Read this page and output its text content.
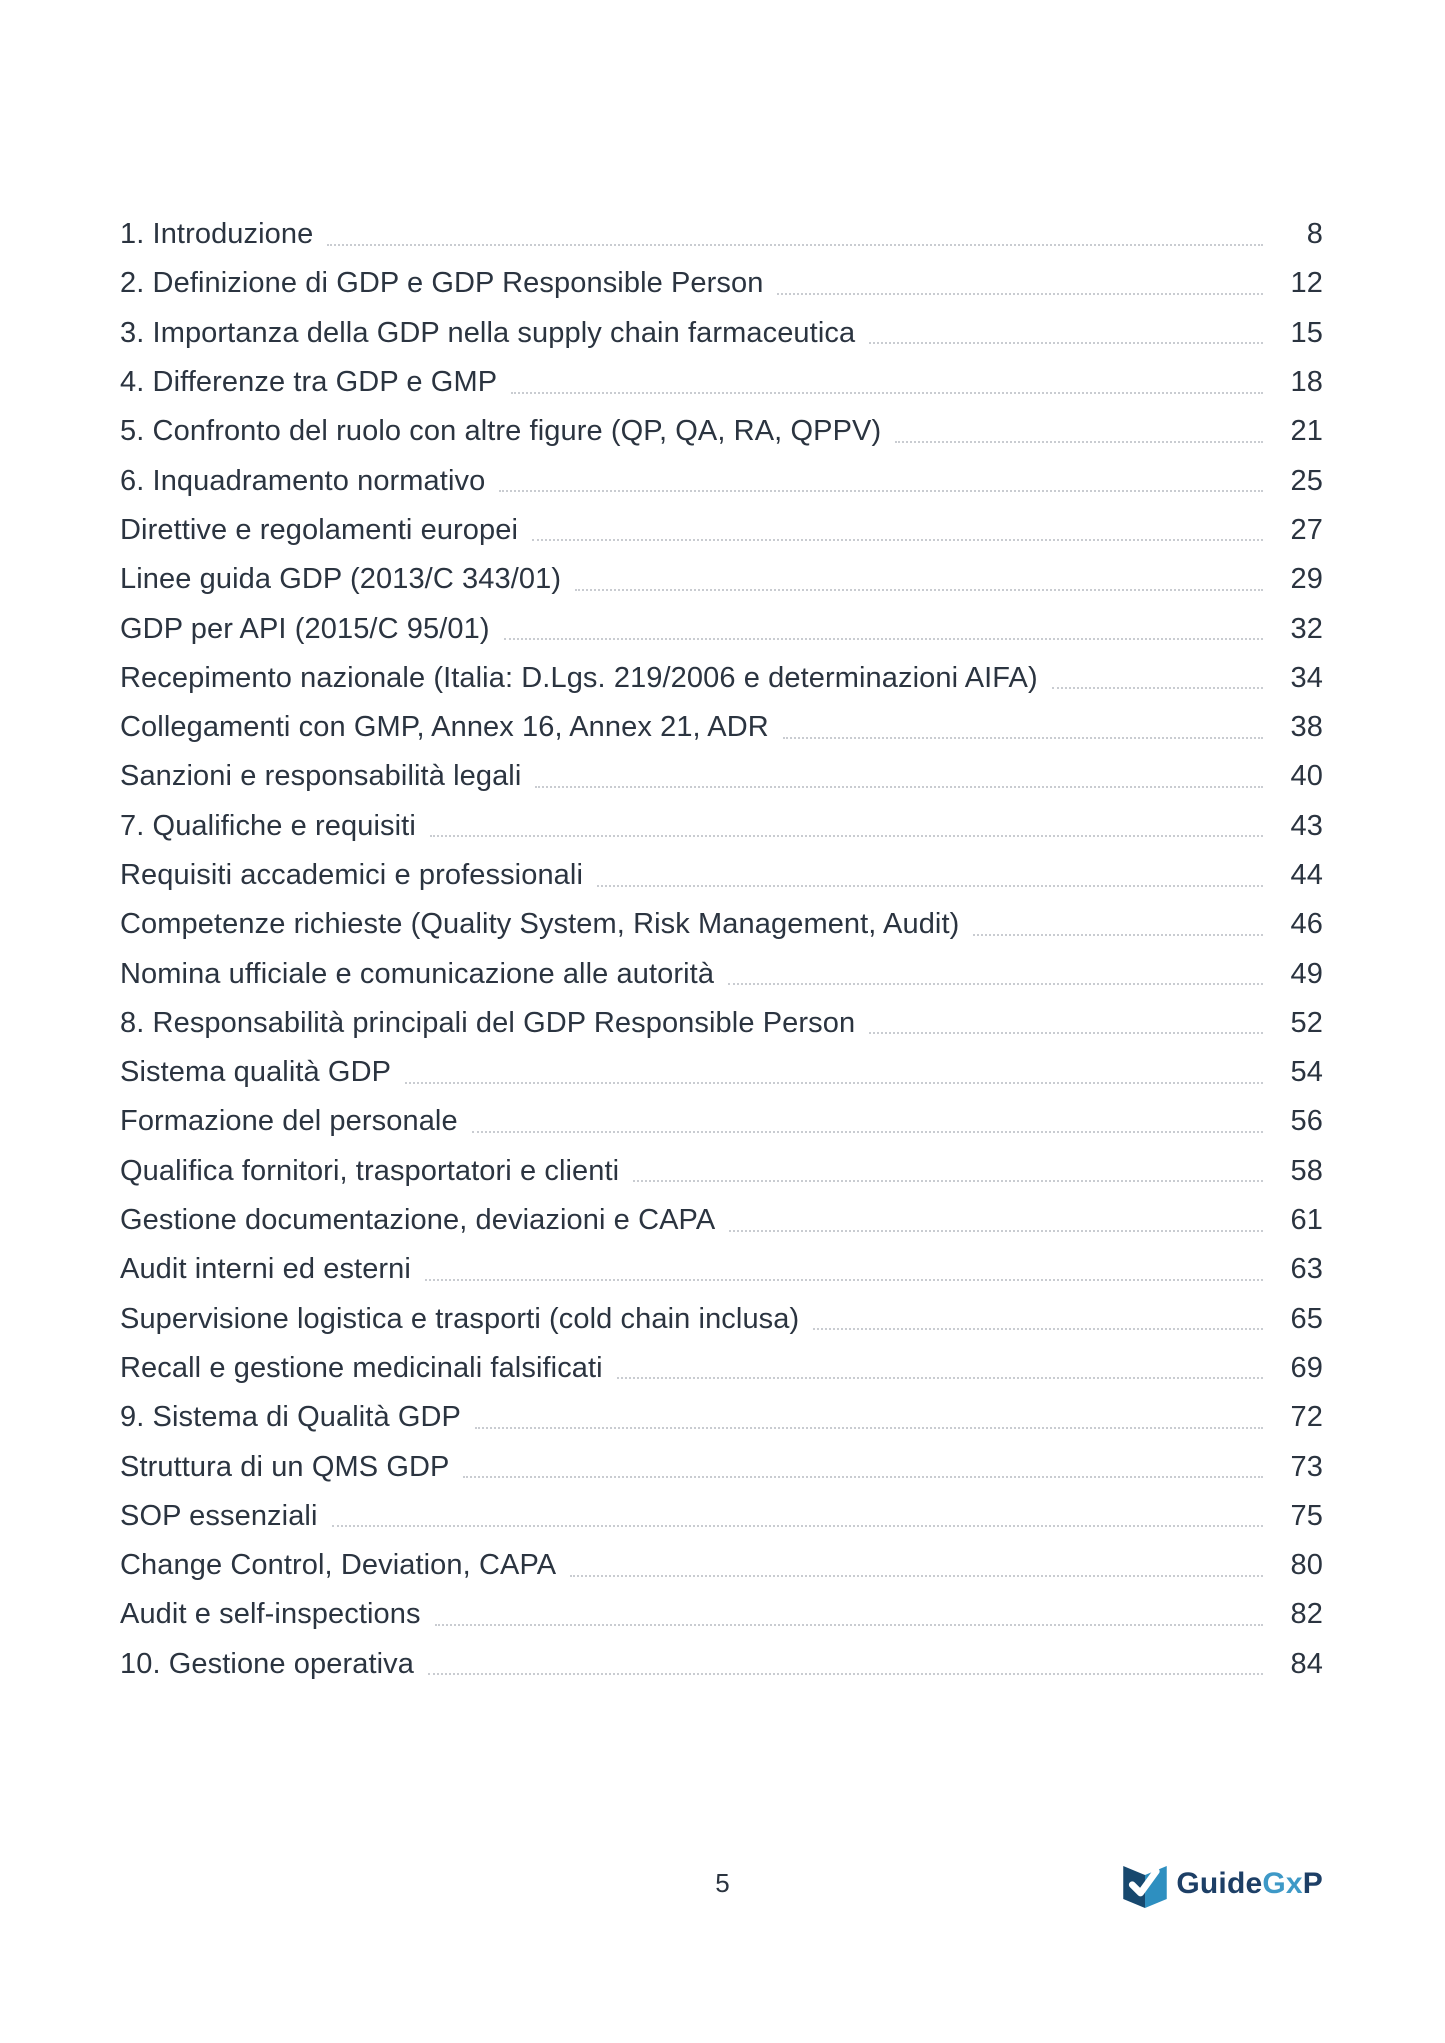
1. Introduzione	8
2. Definizione di GDP e GDP Responsible Person	12
3. Importanza della GDP nella supply chain farmaceutica	15
4. Differenze tra GDP e GMP	18
5. Confronto del ruolo con altre figure (QP, QA, RA, QPPV)	21
6. Inquadramento normativo	25
Direttive e regolamenti europei	27
Linee guida GDP (2013/C 343/01)	29
GDP per API (2015/C 95/01)	32
Recepimento nazionale (Italia: D.Lgs. 219/2006 e determinazioni AIFA)	34
Collegamenti con GMP, Annex 16, Annex 21, ADR	38
Sanzioni e responsabilità legali	40
7. Qualifiche e requisiti	43
Requisiti accademici e professionali	44
Competenze richieste (Quality System, Risk Management, Audit)	46
Nomina ufficiale e comunicazione alle autorità	49
8. Responsabilità principali del GDP Responsible Person	52
Sistema qualità GDP	54
Formazione del personale	56
Qualifica fornitori, trasportatori e clienti	58
Gestione documentazione, deviazioni e CAPA	61
Audit interni ed esterni	63
Supervisione logistica e trasporti (cold chain inclusa)	65
Recall e gestione medicinali falsificati	69
9. Sistema di Qualità GDP	72
Struttura di un QMS GDP	73
SOP essenziali	75
Change Control, Deviation, CAPA	80
Audit e self-inspections	82
10. Gestione operativa	84
5	GuideGxP
